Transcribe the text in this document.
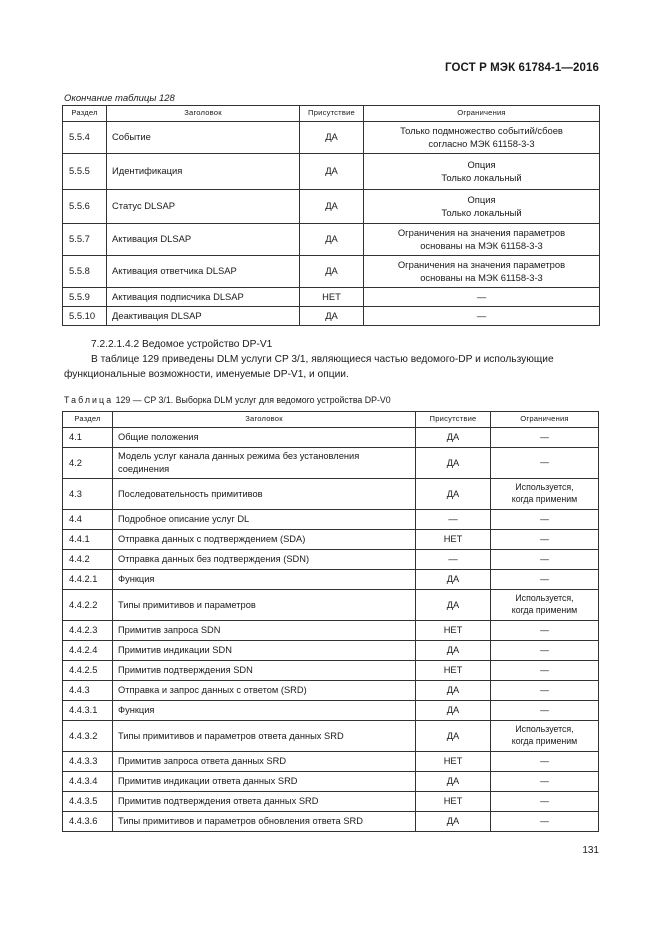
ГОСТ Р МЭК 61784-1—2016
Окончание таблицы 128
Раздел	Заголовок	Присутствие	Ограничения
5.5.4	Событие	ДА	Только подмножество событий/сбоев
согласно МЭК 61158-3-3

5.5.5	Идентификация	ДА	Опция
Только локальный

5.5.6	Статус DLSAP	ДА	Опция
Только локальный

5.5.7	Активация DLSAP	ДА	Ограничения на значения параметров
основаны на МЭК 61158-3-3

5.5.8	Активация ответчика DLSAP	ДА	Ограничения на значения параметров
основаны на МЭК 61158-3-3

5.5.9	Активация подписчика DLSAP	НЕТ	—

5.5.10	Деактивация DLSAP	ДА	—
7.2.2.1.4.2 Ведомое устройство DP-V1
В таблице 129 приведены DLM услуги CP 3/1, являющиеся частью ведомого-DP и использующие функциональные возможности, именуемые DP-V1, и опции.
Таблица 129 — CP 3/1. Выборка DLM услуг для ведомого устройства DP-V0
Раздел	Заголовок	Присутствие	Ограничения
4.1	Общие положения	ДА	—

4.2	Модель услуг канала данных режима без установления соединения	ДА	—

4.3	Последовательность примитивов	ДА	Используется,
когда применим

4.4	Подробное описание услуг DL	—	—

4.4.1	Отправка данных с подтверждением (SDA)	НЕТ	—

4.4.2	Отправка данных без подтверждения (SDN)	—	—

4.4.2.1	Функция	ДА	—

4.4.2.2	Типы примитивов и параметров	ДА	Используется,
когда применим

4.4.2.3	Примитив запроса SDN	НЕТ	—

4.4.2.4	Примитив индикации SDN	ДА	—

4.4.2.5	Примитив подтверждения SDN	НЕТ	—

4.4.3	Отправка и запрос данных с ответом (SRD)	ДА	—

4.4.3.1	Функция	ДА	—

4.4.3.2	Типы примитивов и параметров ответа данных SRD	ДА	Используется,
когда применим

4.4.3.3	Примитив запроса ответа данных SRD	НЕТ	—

4.4.3.4	Примитив индикации ответа данных SRD	ДА	—

4.4.3.5	Примитив подтверждения ответа данных SRD	НЕТ	—

4.4.3.6	Типы примитивов и параметров обновления ответа SRD	ДА	—
131
